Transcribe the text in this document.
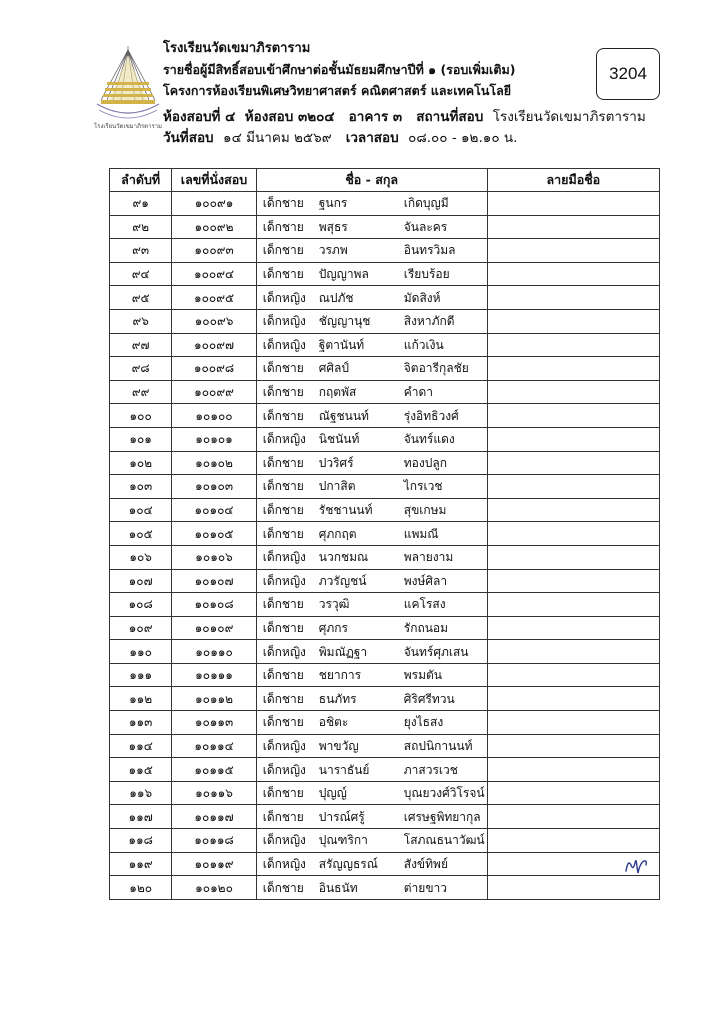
โรงเรียนวัดเขมาภิรตาราม
โรงเรียนวัดเขมาภิรตาราม
รายชื่อผู้มีสิทธิ์สอบเข้าศึกษาต่อชั้นมัธยมศึกษาปีที่ ๑ (รอบเพิ่มเติม)
โครงการห้องเรียนพิเศษวิทยาศาสตร์ คณิตศาสตร์ และเทคโนโลยี
ห้องสอบที่ ๔ ห้องสอบ ๓๒๐๔ อาคาร ๓ สถานที่สอบ โรงเรียนวัดเขมาภิรตาราม
วันที่สอบ ๑๔ มีนาคม ๒๕๖๙ เวลาสอบ ๐๘.๐๐ - ๑๒.๑๐ น.
3204
ลำดับที่	เลขที่นั่งสอบ	ชื่อ - สกุล	ลายมือชื่อ
๙๑	๑๐๐๙๑	เด็กชาย ฐนกร เกิดบุญมี	

๙๒	๑๐๐๙๒	เด็กชาย พสุธร จันละคร	

๙๓	๑๐๐๙๓	เด็กชาย วรภพ อินทรวิมล	

๙๔	๑๐๐๙๔	เด็กชาย ปัญญาพล เรียบร้อย	

๙๕	๑๐๐๙๕	เด็กหญิง ณปภัช มัดสิงห์	

๙๖	๑๐๐๙๖	เด็กหญิง ชัญญานุช สิงหาภักดี	

๙๗	๑๐๐๙๗	เด็กหญิง ฐิตานันท์ แก้วเงิน	

๙๘	๑๐๐๙๘	เด็กชาย ศศิลป์ จิตอารีกุลชัย	

๙๙	๑๐๐๙๙	เด็กชาย กฤตพัส คำดา	

๑๐๐	๑๐๑๐๐	เด็กชาย ณัฐชนนท์ รุ่งอิทธิวงศ์	

๑๐๑	๑๐๑๐๑	เด็กหญิง นิชนันท์ จันทร์แดง	

๑๐๒	๑๐๑๐๒	เด็กชาย ปวริศร์ ทองปลูก	

๑๐๓	๑๐๑๐๓	เด็กชาย ปกาสิต ไกรเวช	

๑๐๔	๑๐๑๐๔	เด็กชาย รัชชานนท์ สุขเกษม	

๑๐๕	๑๐๑๐๕	เด็กชาย ศุภกฤต แพมณี	

๑๐๖	๑๐๑๐๖	เด็กหญิง นวกชมณ พลายงาม	

๑๐๗	๑๐๑๐๗	เด็กหญิง ภวรัญชน์ พงษ์ศิลา	

๑๐๘	๑๐๑๐๘	เด็กชาย วรวุฒิ แคโรสง	

๑๐๙	๑๐๑๐๙	เด็กชาย ศุภกร รักถนอม	

๑๑๐	๑๐๑๑๐	เด็กหญิง พิมณัฏฐา จันทร์ศุภเสน	

๑๑๑	๑๐๑๑๑	เด็กชาย ชยาการ พรมตัน	

๑๑๒	๑๐๑๑๒	เด็กชาย ธนภัทร ศิริศรีทวน	

๑๑๓	๑๐๑๑๓	เด็กชาย อชิตะ ยุงไธสง	

๑๑๔	๑๐๑๑๔	เด็กหญิง พาขวัญ สถปนิกานนท์	

๑๑๕	๑๐๑๑๕	เด็กหญิง นาราธันย์ ภาสวรเวช	

๑๑๖	๑๐๑๑๖	เด็กชาย ปุญญ์ บุณยวงศ์วิโรจน์	

๑๑๗	๑๐๑๑๗	เด็กชาย ปารณ์ศรู้ เศรษฐพิทยากุล	

๑๑๘	๑๐๑๑๘	เด็กหญิง ปุณฑริกา โสภณธนาวัฒน์	

๑๑๙	๑๐๑๑๙	เด็กหญิง สรัญญธรณ์ สังข์ทิพย์	

๑๒๐	๑๐๑๒๐	เด็กชาย อินธนัท ต่ายขาว	
